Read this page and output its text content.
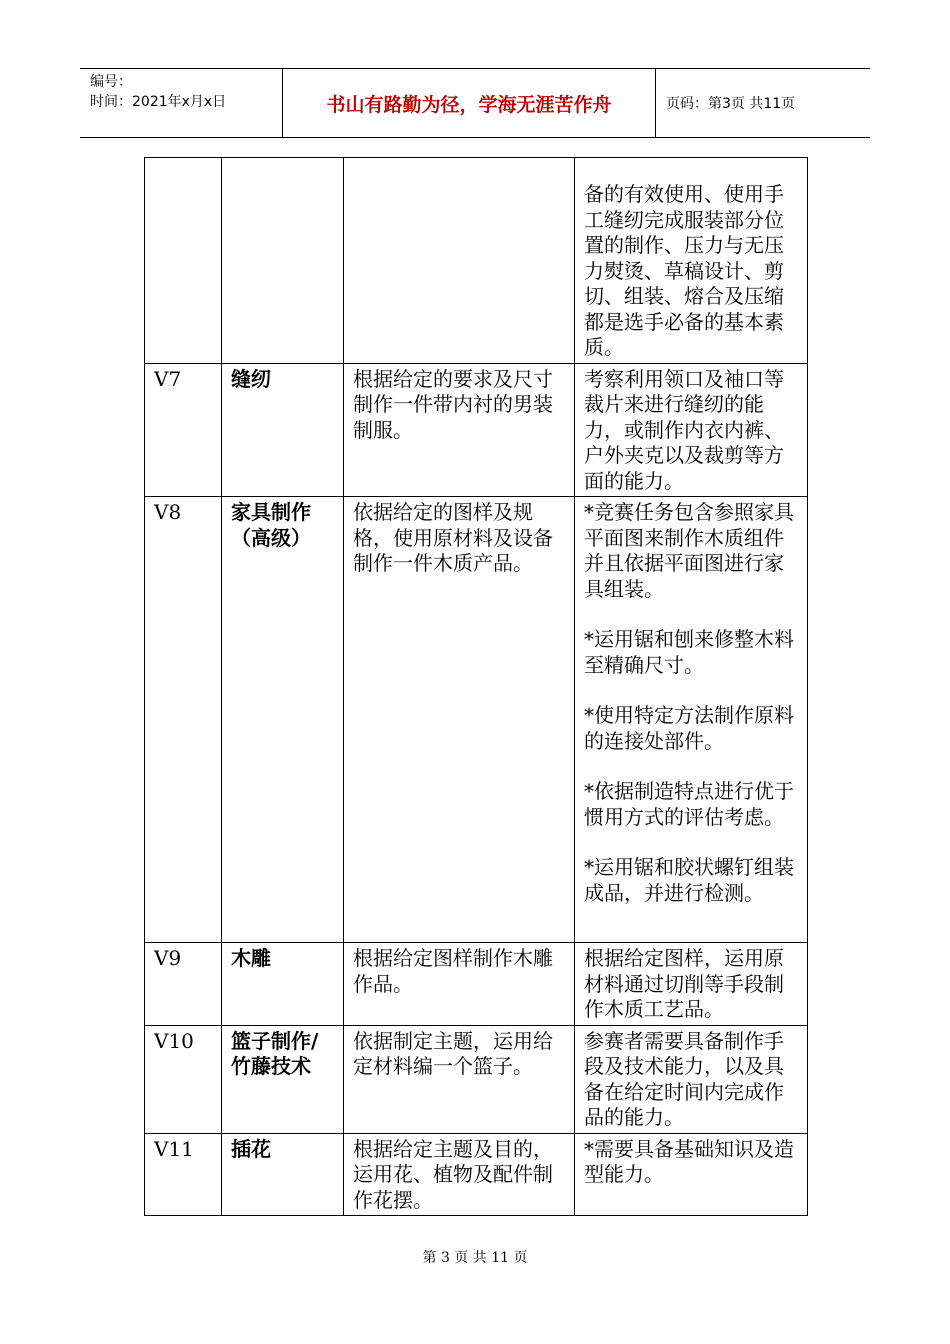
编号：
时间：2021年x月x日	书山有路勤为径，学海无涯苦作舟	页码：第3页 共11页

			备的有效使用、使用手工缝纫完成服装部分位置的制作、压力与无压力熨烫、草稿设计、剪切、组装、熔合及压缩都是选手必备的基本素质。

V7	缝纫	根据给定的要求及尺寸制作一件带内衬的男装制服。	考察利用领口及袖口等裁片来进行缝纫的能力，或制作内衣内裤、户外夹克以及裁剪等方面的能力。

V8	家具制作（高级）	依据给定的图样及规格，使用原材料及设备制作一件木质产品。	*竞赛任务包含参照家具平面图来制作木质组件并且依据平面图进行家具组装。
*运用锯和刨来修整木料至精确尺寸。
*使用特定方法制作原料的连接处部件。
*依据制造特点进行优于惯用方式的评估考虑。
*运用锯和胶状螺钉组装成品，并进行检测。

V9	木雕	根据给定图样制作木雕作品。	根据给定图样，运用原材料通过切削等手段制作木质工艺品。

V10	篮子制作/竹藤技术	依据制定主题，运用给定材料编一个篮子。	参赛者需要具备制作手段及技术能力，以及具备在给定时间内完成作品的能力。

V11	插花	根据给定主题及目的，运用花、植物及配件制作花摆。	*需要具备基础知识及造型能力。
第 3 页 共 11 页
